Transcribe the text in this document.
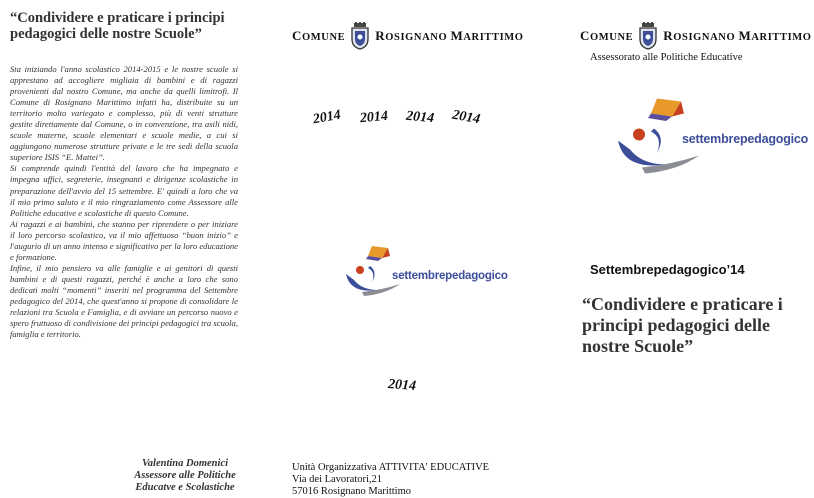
“Condividere e praticare i principi pedagogici delle nostre Scuole”

Sta iniziando l'anno scolastico 2014-2015 e le nostre scuole si apprestano ad accogliere migliaia di bambini e di ragazzi provenienti dal nostro Comune, ma anche da quelli limitrofi. Il Comune di Rosignano Marittimo infatti ha, distribuite su un territorio molto variegato e complesso, più di venti strutture gestite direttamente dal Comune, o in convenzione, tra asili nidi, scuole materne, scuole elementari e scuole medie, a cui si aggiungono numerose strutture private e le tre sedi della scuola superiore ISIS “E. Mattei”.

Si comprende quindi l'entità del lavoro che ha impegnato e impegna uffici, segreterie, insegnanti e dirigenze scolastiche in preparazione dell'avvio del 15 settembre. E' quindi a loro che va il mio primo saluto e il mio ringraziamento come Assessore alle Politiche educative e scolastiche di questo Comune.

Ai ragazzi e ai bambini, che stanno per riprendere o per iniziare il loro percorso scolastico, va il mio affettuoso “buon inizio” e l'augurio di un anno intenso e significativo per la loro educazione e formazione.

Infine, il mio pensiero va alle famiglie e ai genitori di questi bambini e di questi ragazzi, perché è anche a loro che sono dedicati molti “momenti” inseriti nel programma del Settembre pedagogico del 2014, che quest'anno si propone di consolidare le relazioni tra Scuola e Famiglia, e di avviare un percorso nuovo e spero fruttuoso di condivisione dei principi pedagogici tra scuola, famiglia e territorio.

Valentina Domenici
Assessore alle Politiche
Educatve e Scolastiche
COMUNE ROSIGNANO MARITTIMO
2014 2014 2014 2014
settembrepedagogico
2014
Unità Organizzativa ATTIVITA' EDUCATIVE
Via dei Lavoratori,21
57016 Rosignano Marittimo
COMUNE ROSIGNANO MARITTIMO
Assessorato alle Politiche Educative
settembrepedagogico
Settembrepedagogico’14
“Condividere e praticare i principi pedagogici delle nostre Scuole”
